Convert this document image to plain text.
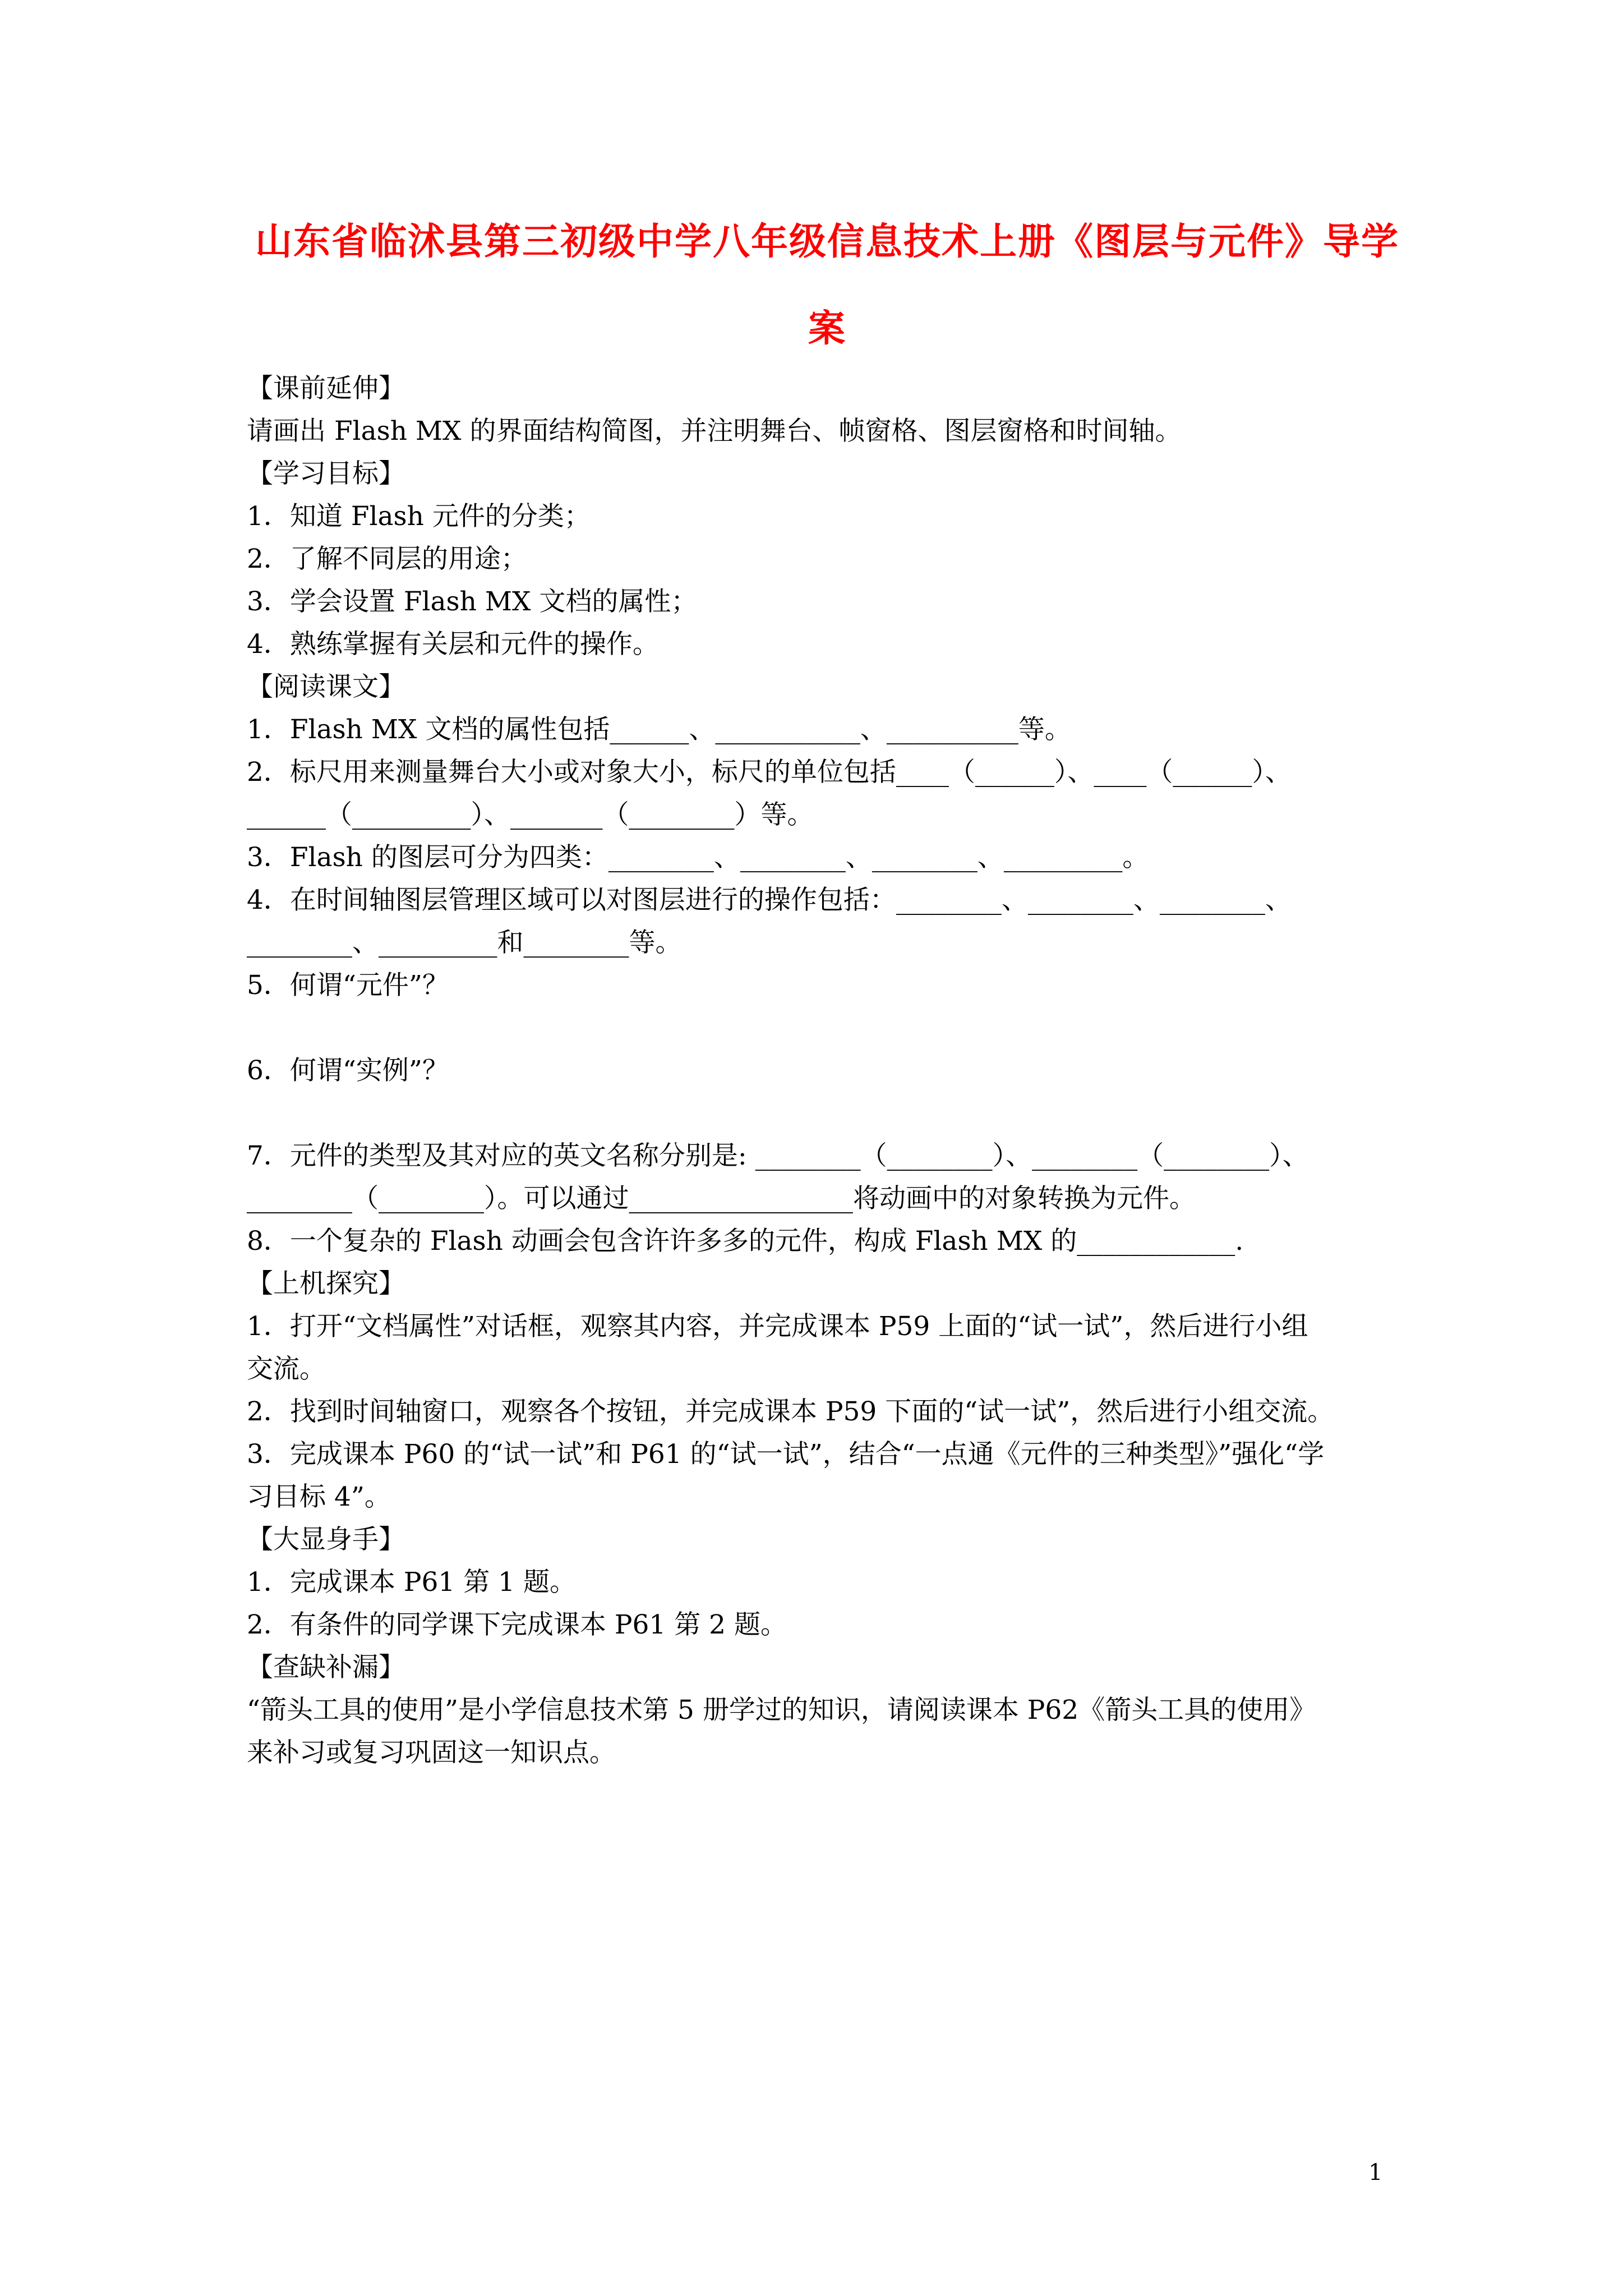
山东省临沭县第三初级中学八年级信息技术上册《图层与元件》导学
案
【课前延伸】
请画出 Flash MX 的界面结构简图，并注明舞台、帧窗格、图层窗格和时间轴。
【学习目标】
1．知道 Flash 元件的分类；
2．了解不同层的用途；
3．学会设置 Flash MX 文档的属性；
4．熟练掌握有关层和元件的操作。
【阅读课文】
1．Flash MX 文档的属性包括______、___________、__________等。
2．标尺用来测量舞台大小或对象大小，标尺的单位包括____（______）、____（______）、
______（_________）、_______（________）等。
3．Flash 的图层可分为四类：________、________、________、_________。
4．在时间轴图层管理区域可以对图层进行的操作包括：________、________、________、
________、_________和________等。
5．何谓“元件”？
6．何谓“实例”？
7．元件的类型及其对应的英文名称分别是: ________（________）、________（________）、
________（________）。可以通过_________________将动画中的对象转换为元件。
8．一个复杂的 Flash 动画会包含许许多多的元件，构成 Flash MX 的____________.
【上机探究】
1．打开“文档属性”对话框，观察其内容，并完成课本 P59 上面的“试一试”，然后进行小组
交流。
2．找到时间轴窗口，观察各个按钮，并完成课本 P59 下面的“试一试”，然后进行小组交流。
3．完成课本 P60 的“试一试”和 P61 的“试一试”，结合“一点通《元件的三种类型》”强化“学
习目标 4”。
【大显身手】
1．完成课本 P61 第 1 题。
2．有条件的同学课下完成课本 P61 第 2 题。
【查缺补漏】
“箭头工具的使用”是小学信息技术第 5 册学过的知识，请阅读课本 P62《箭头工具的使用》
来补习或复习巩固这一知识点。
1
